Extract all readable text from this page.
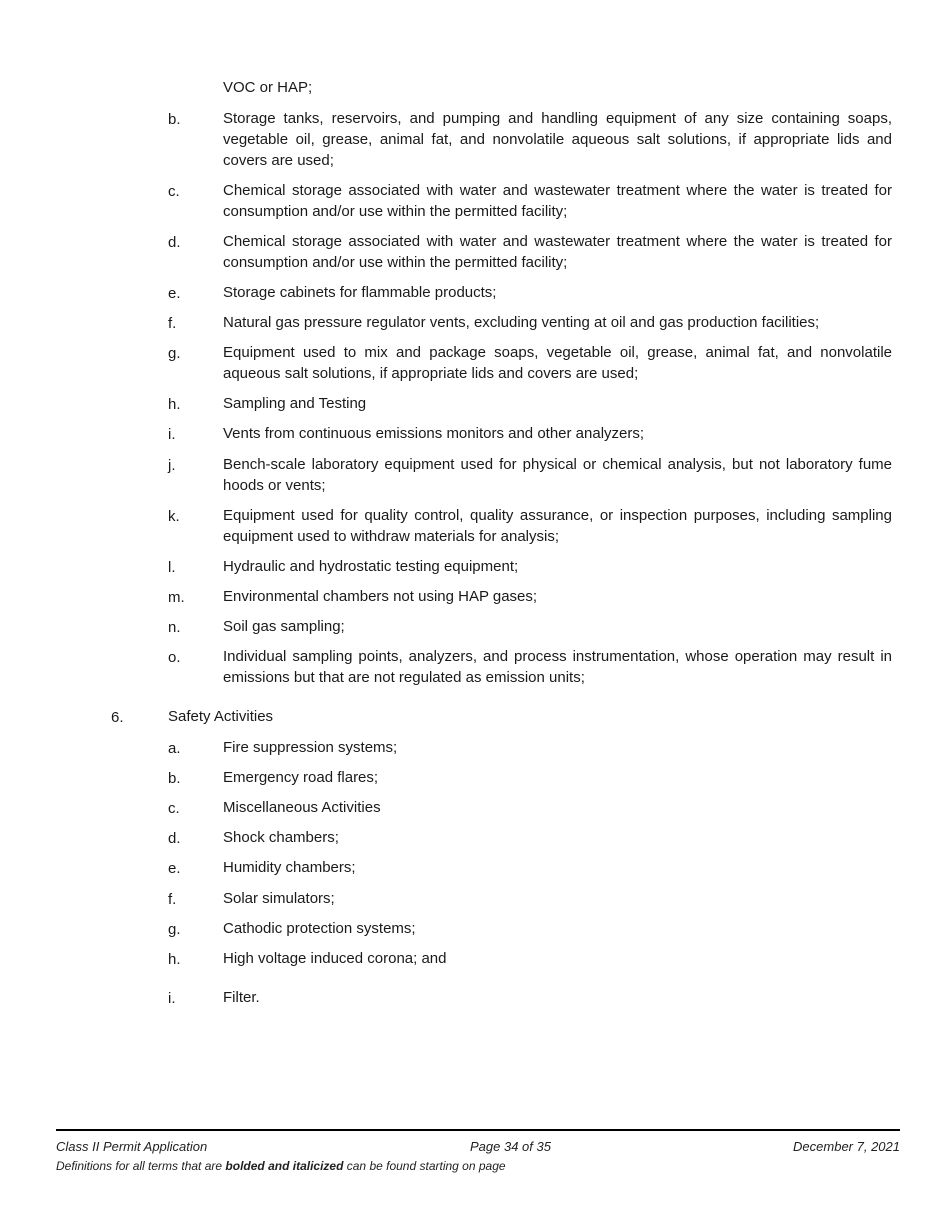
VOC or HAP;
b.	Storage tanks, reservoirs, and pumping and handling equipment of any size containing soaps, vegetable oil, grease, animal fat, and nonvolatile aqueous salt solutions, if appropriate lids and covers are used;
c.	Chemical storage associated with water and wastewater treatment where the water is treated for consumption and/or use within the permitted facility;
d.	Chemical storage associated with water and wastewater treatment where the water is treated for consumption and/or use within the permitted facility;
e.	Storage cabinets for flammable products;
f.	Natural gas pressure regulator vents, excluding venting at oil and gas production facilities;
g.	Equipment used to mix and package soaps, vegetable oil, grease, animal fat, and nonvolatile aqueous salt solutions, if appropriate lids and covers are used;
h.	Sampling and Testing
i.	Vents from continuous emissions monitors and other analyzers;
j.	Bench-scale laboratory equipment used for physical or chemical analysis, but not laboratory fume hoods or vents;
k.	Equipment used for quality control, quality assurance, or inspection purposes, including sampling equipment used to withdraw materials for analysis;
l.	Hydraulic and hydrostatic testing equipment;
m.	Environmental chambers not using HAP gases;
n.	Soil gas sampling;
o.	Individual sampling points, analyzers, and process instrumentation, whose operation may result in emissions but that are not regulated as emission units;
6.	Safety Activities
a.	Fire suppression systems;
b.	Emergency road flares;
c.	Miscellaneous Activities
d.	Shock chambers;
e.	Humidity chambers;
f.	Solar simulators;
g.	Cathodic protection systems;
h.	High voltage induced corona; and
i.	Filter.
Class II Permit Application	Page 34 of 35	December 7, 2021
Definitions for all terms that are bolded and italicized can be found starting on page
